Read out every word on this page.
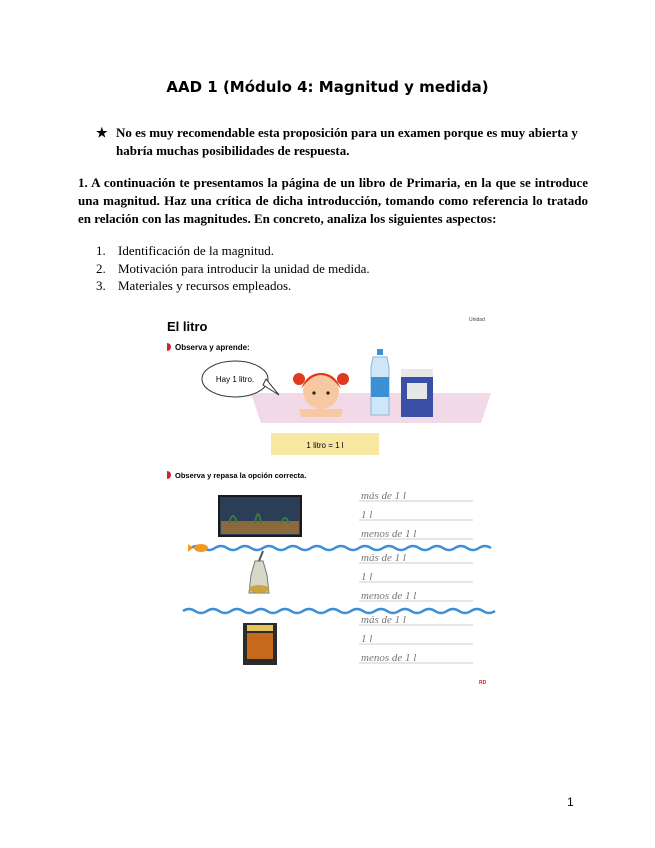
AAD 1 (Módulo 4: Magnitud y medida)
★ No es muy recomendable esta proposición para un examen porque es muy abierta y habría muchas posibilidades de respuesta.
1. A continuación te presentamos la página de un libro de Primaria, en la que se introduce una magnitud. Haz una crítica de dicha introducción, tomando como referencia lo tratado en relación con las magnitudes. En concreto, analiza los siguientes aspectos:
1. Identificación de la magnitud.
2. Motivación para introducir la unidad de medida.
3. Materiales y recursos empleados.
El litro	Unidad
Observa y aprende:
Hay 1 litro.
1 litro = 1 l
Observa y repasa la opción correcta.
más de 1 l
1 l
menos de 1 l
más de 1 l
1 l
menos de 1 l
más de 1 l
1 l
menos de 1 l
RD
1
